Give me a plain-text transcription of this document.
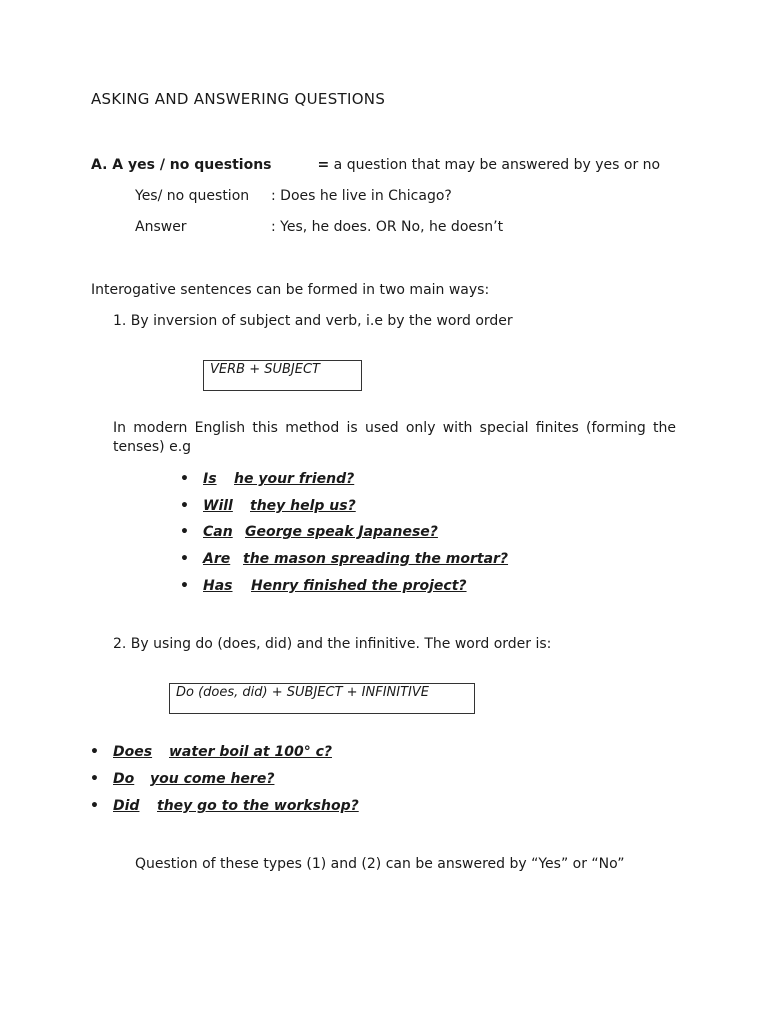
ASKING AND ANSWERING QUESTIONS
A. A yes / no questions	= a question that may be answered by yes or no
Yes/ no question : Does he live in Chicago?
Answer	: Yes, he does. OR No, he doesn’t
Interogative sentences can be formed in two main ways:
1. By inversion of subject and verb, i.e by the word order
VERB + SUBJECT
In modern English this method is used only with special finites (forming the tenses) e.g
• Is he your friend?
• Will they help us?
• Can George speak Japanese?
• Are the mason spreading the mortar?
• Has Henry finished the project?
2. By using do (does, did) and the infinitive. The word order is:
Do (does, did) + SUBJECT + INFINITIVE
• Does water boil at 100° c?
• Do you come here?
• Did they go to the workshop?
Question of these types (1) and (2) can be answered by “Yes” or “No”
